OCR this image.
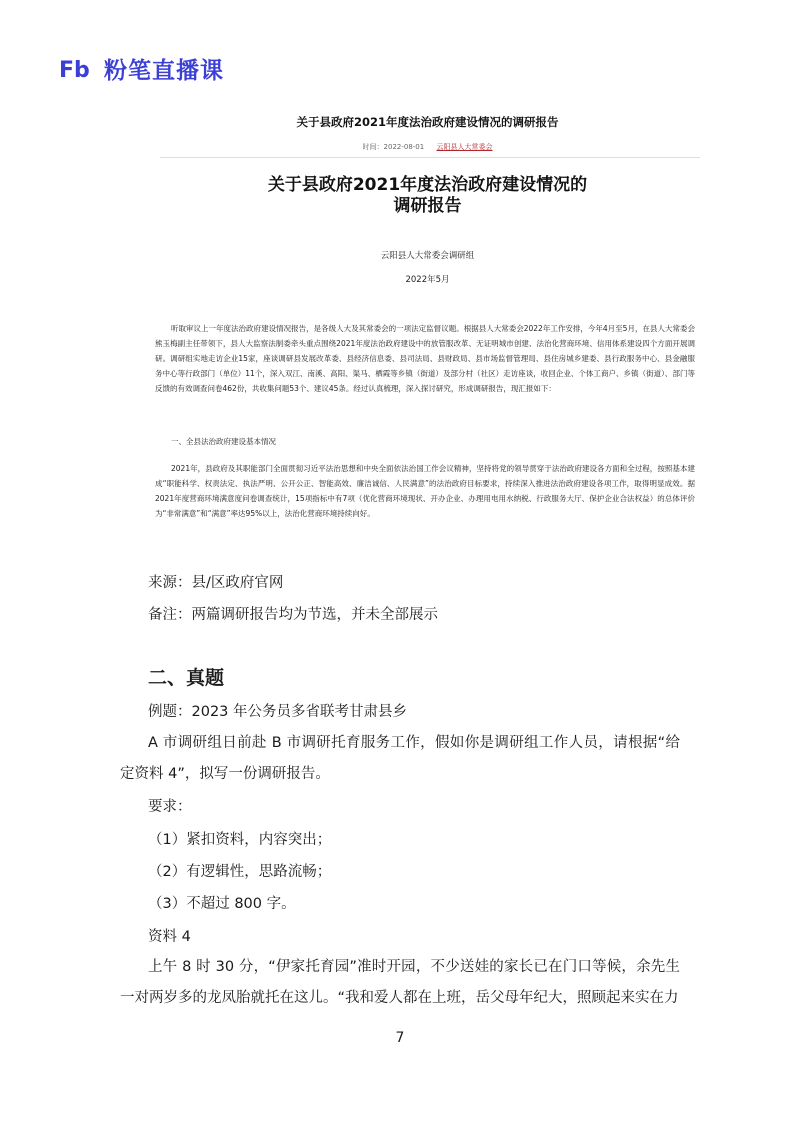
Fb 粉笔直播课
关于县政府2021年度法治政府建设情况的调研报告
时间：2022-08-01 云阳县人大常委会
关于县政府2021年度法治政府建设情况的
调研报告
云阳县人大常委会调研组
2022年5月

听取审议上一年度法治政府建设情况报告，是各级人大及其常委会的一项法定监督议题。根据县人大常委会2022年工作安排，今年4月至5月，在县人大常委会熊玉梅副主任带领下，县人大监察法制委牵头重点围绕2021年度法治政府建设中的放管服改革、无证明城市创建、法治化营商环境、信用体系建设四个方面开展调研。调研组实地走访企业15家，座谈调研县发展改革委、县经济信息委、县司法局、县财政局、县市场监督管理局、县住房城乡建委、县行政服务中心、县金融服务中心等行政部门（单位）11个，深入双江、南溪、高阳、渠马、栖霞等乡镇（街道）及部分村（社区）走访座谈，收回企业、个体工商户、乡镇（街道）、部门等反馈的有效调查问卷462份，共收集问题53个、建议45条。经过认真梳理，深入探讨研究，形成调研报告，现汇报如下：

一、全县法治政府建设基本情况

2021年，县政府及其职能部门全面贯彻习近平法治思想和中央全面依法治国工作会议精神，坚持将党的领导贯穿于法治政府建设各方面和全过程，按照基本建成“职能科学、权责法定、执法严明、公开公正、智能高效、廉洁诚信、人民满意”的法治政府目标要求，持续深入推进法治政府建设各项工作，取得明显成效。据2021年度营商环境满意度问卷调查统计，15项指标中有7项（优化营商环境现状、开办企业、办理用电用水纳税、行政服务大厅、保护企业合法权益）的总体评价为“非常满意”和“满意”率达95%以上，法治化营商环境持续向好。

来源：县/区政府官网
备注：两篇调研报告均为节选，并未全部展示
二、真题
例题：2023 年公务员多省联考甘肃县乡

A 市调研组日前赴 B 市调研托育服务工作，假如你是调研组工作人员，请根据“给定资料 4”，拟写一份调研报告。

要求：
（1）紧扣资料，内容突出；
（2）有逻辑性，思路流畅；
（3）不超过 800 字。
资料 4

上午 8 时 30 分，“伊家托育园”准时开园，不少送娃的家长已在门口等候，余先生一对两岁多的龙凤胎就托在这儿。“我和爱人都在上班，岳父母年纪大，照顾起来实在力

7
